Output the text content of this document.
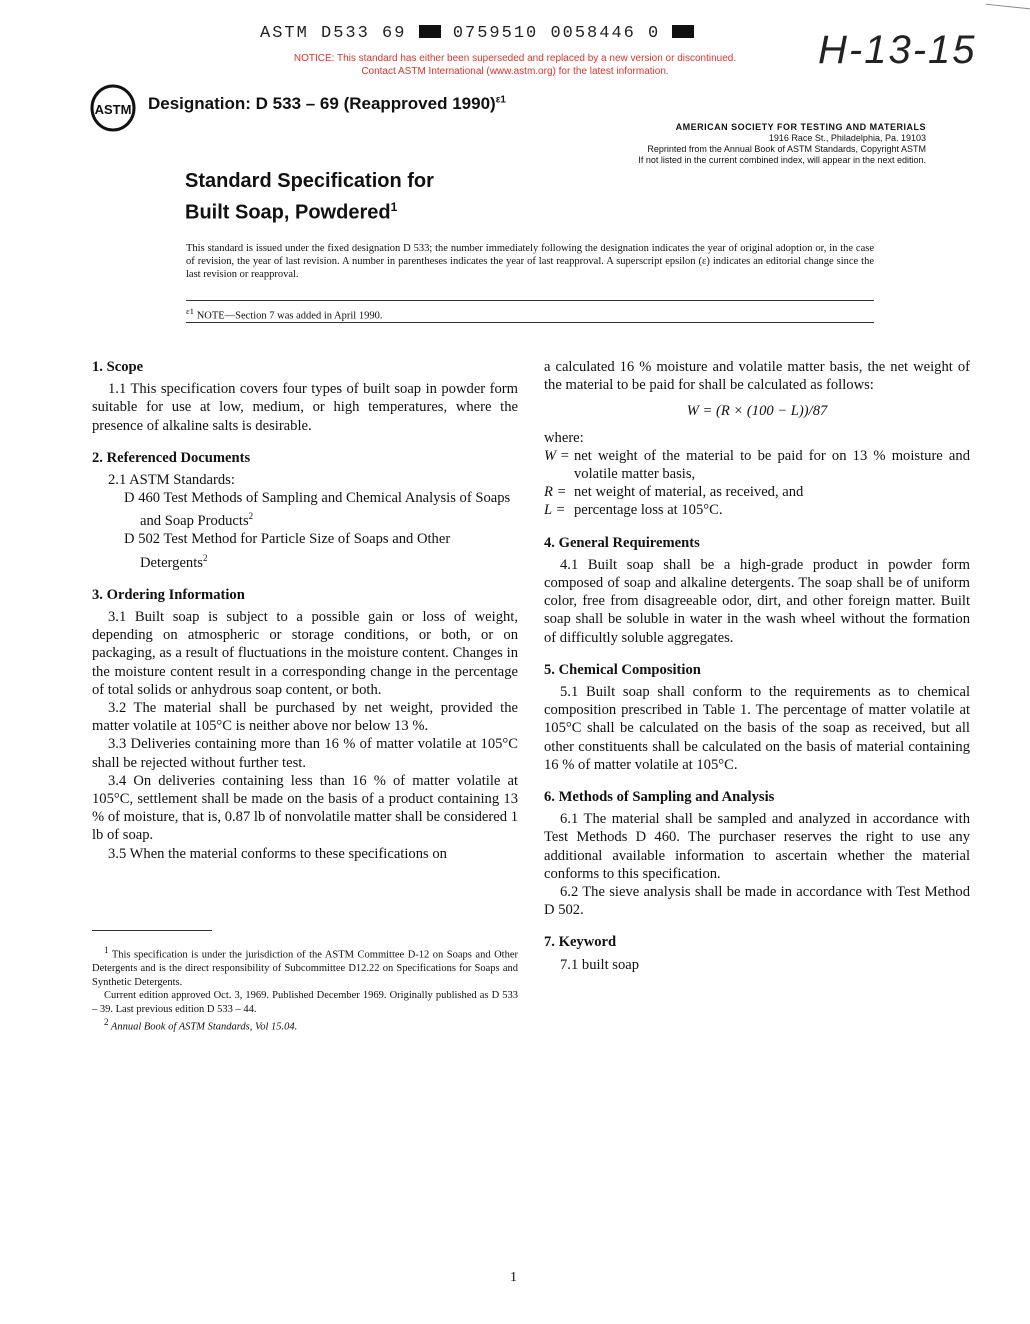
ASTM D533 69	0759510 0058446 0
NOTICE: This standard has either been superseded and replaced by a new version or discontinued.
Contact ASTM International (www.astm.org) for the latest information.	H-13-15
ASTM Designation: D 533 – 69 (Reapproved 1990)$^{\varepsilon 1}$
AMERICAN SOCIETY FOR TESTING AND MATERIALS
1916 Race St., Philadelphia, Pa. 19103
Reprinted from the Annual Book of ASTM Standards, Copyright ASTM
If not listed in the current combined index, will appear in the next edition.
Standard Specification for
Built Soap, Powdered$^1$
This standard is issued under the fixed designation D 533; the number immediately following the designation indicates the year of original adoption or, in the case of revision, the year of last revision. A number in parentheses indicates the year of last reapproval. A superscript epsilon (ε) indicates an editorial change since the last revision or reapproval.
$^{\varepsilon 1}$ NOTE—Section 7 was added in April 1990.
1. Scope

1.1 This specification covers four types of built soap in powder form suitable for use at low, medium, or high temperatures, where the presence of alkaline salts is desirable.

2. Referenced Documents

2.1 ASTM Standards:

D 460 Test Methods of Sampling and Chemical Analysis of Soaps and Soap Products$^2$

D 502 Test Method for Particle Size of Soaps and Other Detergents$^2$

3. Ordering Information

3.1 Built soap is subject to a possible gain or loss of weight, depending on atmospheric or storage conditions, or both, or on packaging, as a result of fluctuations in the moisture content. Changes in the moisture content result in a corresponding change in the percentage of total solids or anhydrous soap content, or both.

3.2 The material shall be purchased by net weight, provided the matter volatile at 105°C is neither above nor below 13 %.

3.3 Deliveries containing more than 16 % of matter volatile at 105°C shall be rejected without further test.

3.4 On deliveries containing less than 16 % of matter volatile at 105°C, settlement shall be made on the basis of a product containing 13 % of moisture, that is, 0.87 lb of nonvolatile matter shall be considered 1 lb of soap.

3.5 When the material conforms to these specifications on

a calculated 16 % moisture and volatile matter basis, the net weight of the material to be paid for shall be calculated as follows:

W = (R × (100 − L))/87

where:

W = net weight of the material to be paid for on 13 % moisture and volatile matter basis,
R = net weight of material, as received, and
L = percentage loss at 105°C.
4. General Requirements

4.1 Built soap shall be a high-grade product in powder form composed of soap and alkaline detergents. The soap shall be of uniform color, free from disagreeable odor, dirt, and other foreign matter. Built soap shall be soluble in water in the wash wheel without the formation of difficultly soluble aggregates.

5. Chemical Composition

5.1 Built soap shall conform to the requirements as to chemical composition prescribed in Table 1. The percentage of matter volatile at 105°C shall be calculated on the basis of the soap as received, but all other constituents shall be calculated on the basis of material containing 16 % of matter volatile at 105°C.

6. Methods of Sampling and Analysis

6.1 The material shall be sampled and analyzed in accordance with Test Methods D 460. The purchaser reserves the right to use any additional available information to ascertain whether the material conforms to this specification.

6.2 The sieve analysis shall be made in accordance with Test Method D 502.

7. Keyword

7.1 built soap

$^1$ This specification is under the jurisdiction of the ASTM Committee D-12 on Soaps and Other Detergents and is the direct responsibility of Subcommittee D12.22 on Specifications for Soaps and Synthetic Detergents.
Current edition approved Oct. 3, 1969. Published December 1969. Originally published as D 533 – 39. Last previous edition D 533 – 44.
$^2$ Annual Book of ASTM Standards, Vol 15.04.
1
